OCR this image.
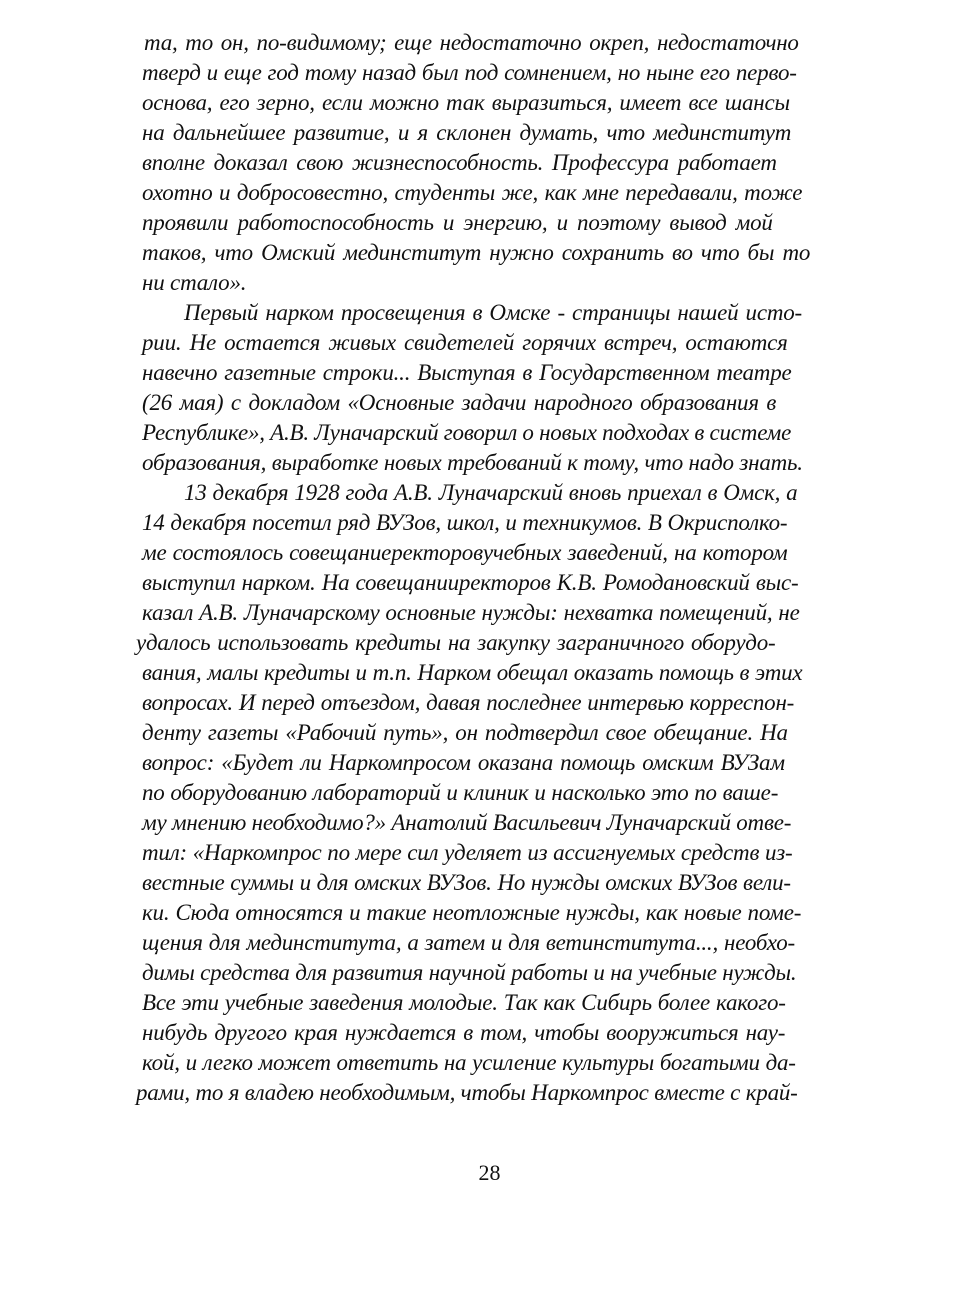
та, то он, по-видимому; еще недостаточно окреп, недостаточно
тверд и еще год тому назад был под сомнением, но ныне его перво-
основа, его зерно, если можно так выразиться, имеет все шансы
на дальнейшее развитие, и я склонен думать, что мединститут
вполне доказал свою жизнеспособность. Профессура работает
охотно и добросовестно, студенты же, как мне передавали, тоже
проявили работоспособность и энергию, и поэтому вывод мой
таков, что Омский мединститут нужно сохранить во что бы то
ни стало».
Первый нарком просвещения в Омске - страницы нашей исто-
рии. Не остается живых свидетелей горячих встреч, остаются
навечно газетные строки... Выступая в Государственном театре
(26 мая) с докладом «Основные задачи народного образования в
Республике», А.В. Луначарский говорил о новых подходах в системе
образования, выработке новых требований к тому, что надо знать.
13 декабря 1928 года А.В. Луначарский вновь приехал в Омск, а
14 декабря посетил ряд ВУЗов, школ, и техникумов. В Окрисполко-
ме состоялось совещаниеректоровучебных заведений, на котором
выступил нарком. На совещанииректоров К.В. Ромодановский выс-
казал А.В. Луначарскому основные нужды: нехватка помещений, не
удалось использовать кредиты на закупку заграничного оборудо-
вания, малы кредиты и т.п. Нарком обещал оказать помощь в этих
вопросах. И перед отъездом, давая последнее интервью корреспон-
денту газеты «Рабочий путь», он подтвердил свое обещание. На
вопрос: «Будет ли Наркомпросом оказана помощь омским ВУЗам
по оборудованию лабораторий и клиник и насколько это по ваше-
му мнению необходимо?» Анатолий Васильевич Луначарский отве-
тил: «Наркомпрос по мере сил уделяет из ассигнуемых средств из-
вестные суммы и для омских ВУЗов. Но нужды омских ВУЗов вели-
ки. Сюда относятся и такие неотложные нужды, как новые поме-
щения для мединститута, а затем и для ветинститута..., необхо-
димы средства для развития научной работы и на учебные нужды.
Все эти учебные заведения молодые. Так как Сибирь более какого-
нибудь другого края нуждается в том, чтобы вооружиться нау-
кой, и легко может ответить на усиление культуры богатыми да-
рами, то я владею необходимым, чтобы Наркомпрос вместе с край-
28
